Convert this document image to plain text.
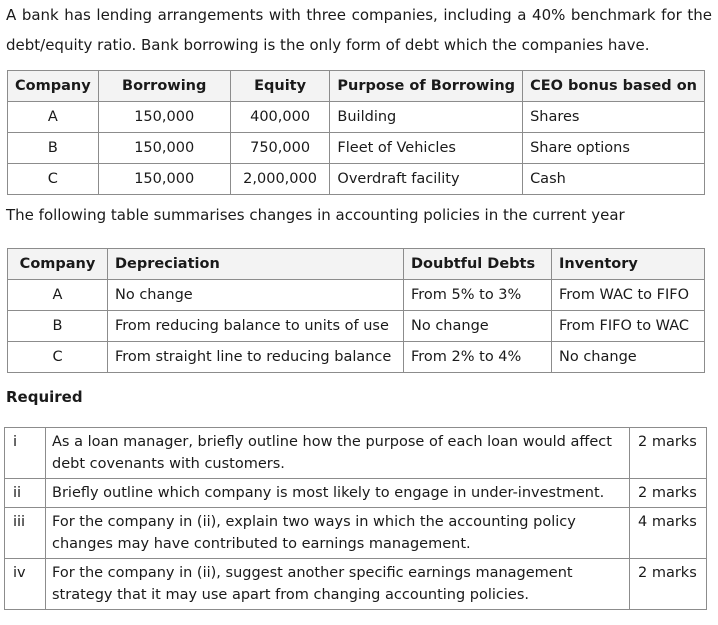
A bank has lending arrangements with three companies, including a 40% benchmark for the debt/equity ratio. Bank borrowing is the only form of debt which the companies have.

Company	Borrowing	Equity	Purpose of Borrowing	CEO bonus based on
A	150,000	400,000	Building	Shares
B	150,000	750,000	Fleet of Vehicles	Share options
C	150,000	2,000,000	Overdraft facility	Cash
The following table summarises changes in accounting policies in the current year
Company	Depreciation	Doubtful Debts	Inventory
A	No change	From 5% to 3%	From WAC to FIFO
B	From reducing balance to units of use	No change	From FIFO to WAC
C	From straight line to reducing balance	From 2% to 4%	No change
Required
i	As a loan manager, briefly outline how the purpose of each loan would affect debt covenants with customers.	2 marks
ii	Briefly outline which company is most likely to engage in under-investment.	2 marks
iii	For the company in (ii), explain two ways in which the accounting policy changes may have contributed to earnings management.	4 marks
iv	For the company in (ii), suggest another specific earnings management strategy that it may use apart from changing accounting policies.	2 marks
